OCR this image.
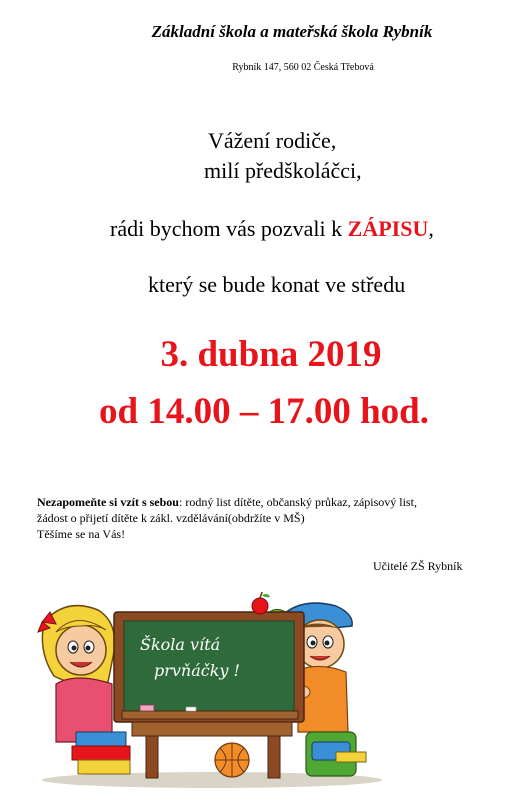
Základní škola a mateřská škola Rybník
Rybník 147, 560 02 Česká Třebová
Vážení rodiče,
milí předškoláčci,
rádi bychom vás pozvali k ZÁPISU,
který se bude konat ve středu
3. dubna 2019
od 14.00 – 17.00 hod.
Nezapomeňte si vzít s sebou: rodný list dítěte, občanský průkaz, zápisový list,
žádost o přijetí dítěte k zákl. vzdělávání(obdržíte v MŠ)
Těšíme se na Vás!
Učitelé ZŠ Rybník
Škola vítá
prvňáčky !
